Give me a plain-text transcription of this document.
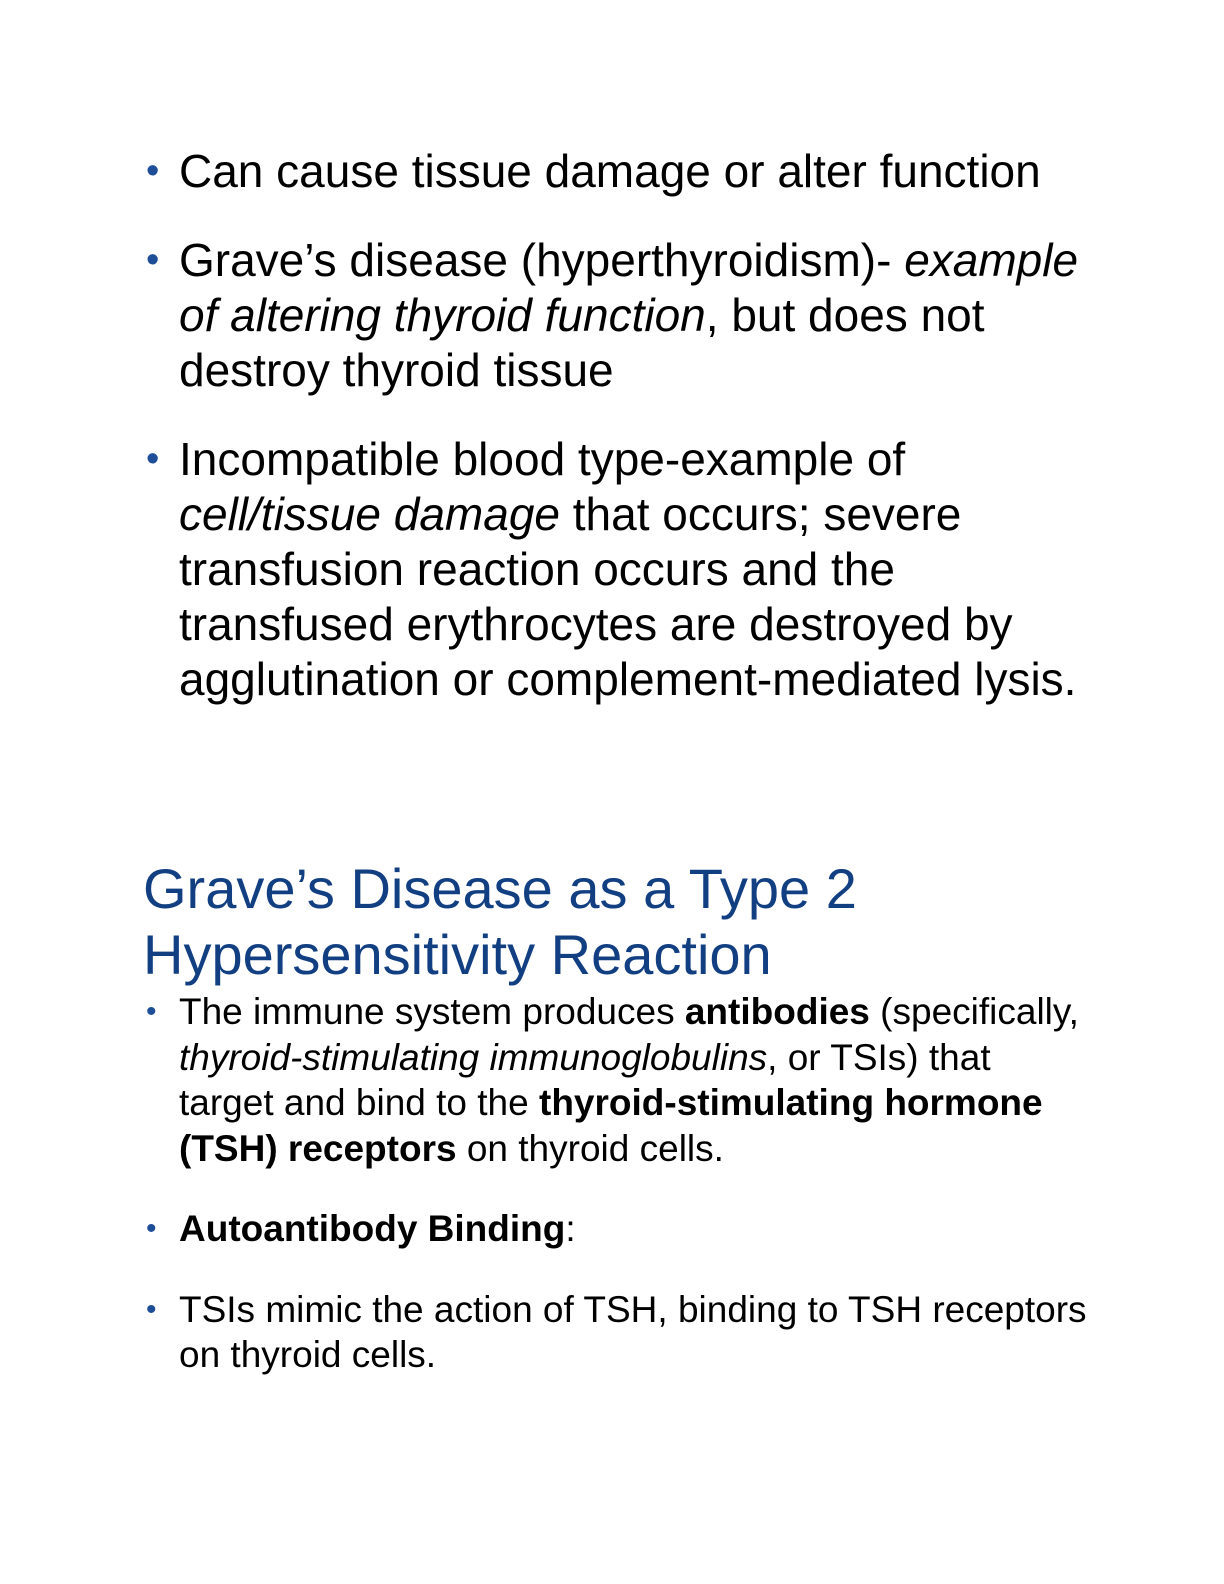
• Can cause tissue damage or alter function
• Grave’s disease (hyperthyroidism)- example of altering thyroid function, but does not destroy thyroid tissue
• Incompatible blood type-example of cell/tissue damage that occurs; severe transfusion reaction occurs and the transfused erythrocytes are destroyed by agglutination or complement-mediated lysis.
Grave’s Disease as a Type 2 Hypersensitivity Reaction
• The immune system produces antibodies (specifically, thyroid-stimulating immunoglobulins, or TSIs) that target and bind to the thyroid-stimulating hormone (TSH) receptors on thyroid cells.
• Autoantibody Binding:
• TSIs mimic the action of TSH, binding to TSH receptors on thyroid cells.
